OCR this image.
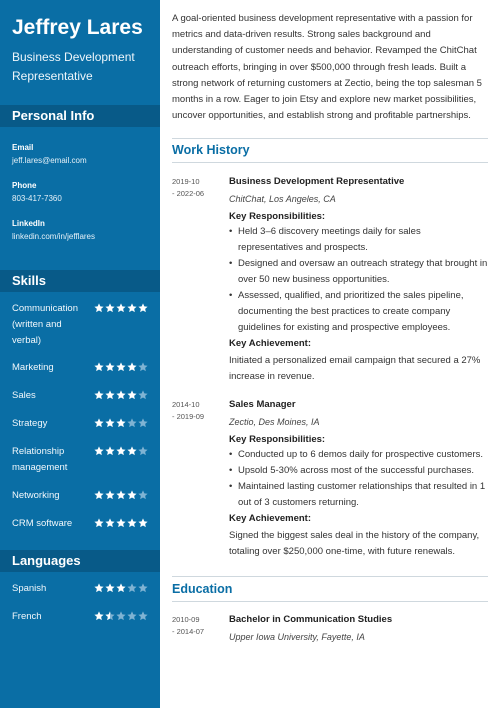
Jeffrey Lares
Business Development Representative
Personal Info
Email
jeff.lares@email.com
Phone
803-417-7360
LinkedIn
linkedin.com/in/jefflares
Skills
Communication (written and verbal)
Marketing
Sales
Strategy
Relationship management
Networking
CRM software
Languages
Spanish
French
A goal-oriented business development representative with a passion for metrics and data-driven results. Strong sales background and understanding of customer needs and behavior. Revamped the ChitChat outreach efforts, bringing in over $500,000 through fresh leads. Built a strong network of returning customers at Zectio, being the top salesman 5 months in a row. Eager to join Etsy and explore new market possibilities, uncover opportunities, and establish strong and profitable partnerships.
Work History
2019-10
- 2022-06
Business Development Representative
ChitChat, Los Angeles, CA
Key Responsibilities:
• Held 3–6 discovery meetings daily for sales representatives and prospects.
• Designed and oversaw an outreach strategy that brought in over 50 new business opportunities.
• Assessed, qualified, and prioritized the sales pipeline, documenting the best practices to create company guidelines for existing and prospective employees.
Key Achievement:
Initiated a personalized email campaign that secured a 27% increase in revenue.
2014-10
- 2019-09
Sales Manager
Zectio, Des Moines, IA
Key Responsibilities:
• Conducted up to 6 demos daily for prospective customers.
• Upsold 5-30% across most of the successful purchases.
• Maintained lasting customer relationships that resulted in 1 out of 3 customers returning.
Key Achievement:
Signed the biggest sales deal in the history of the company, totaling over $250,000 one-time, with future renewals.
Education
2010-09
- 2014-07
Bachelor in Communication Studies
Upper Iowa University, Fayette, IA
